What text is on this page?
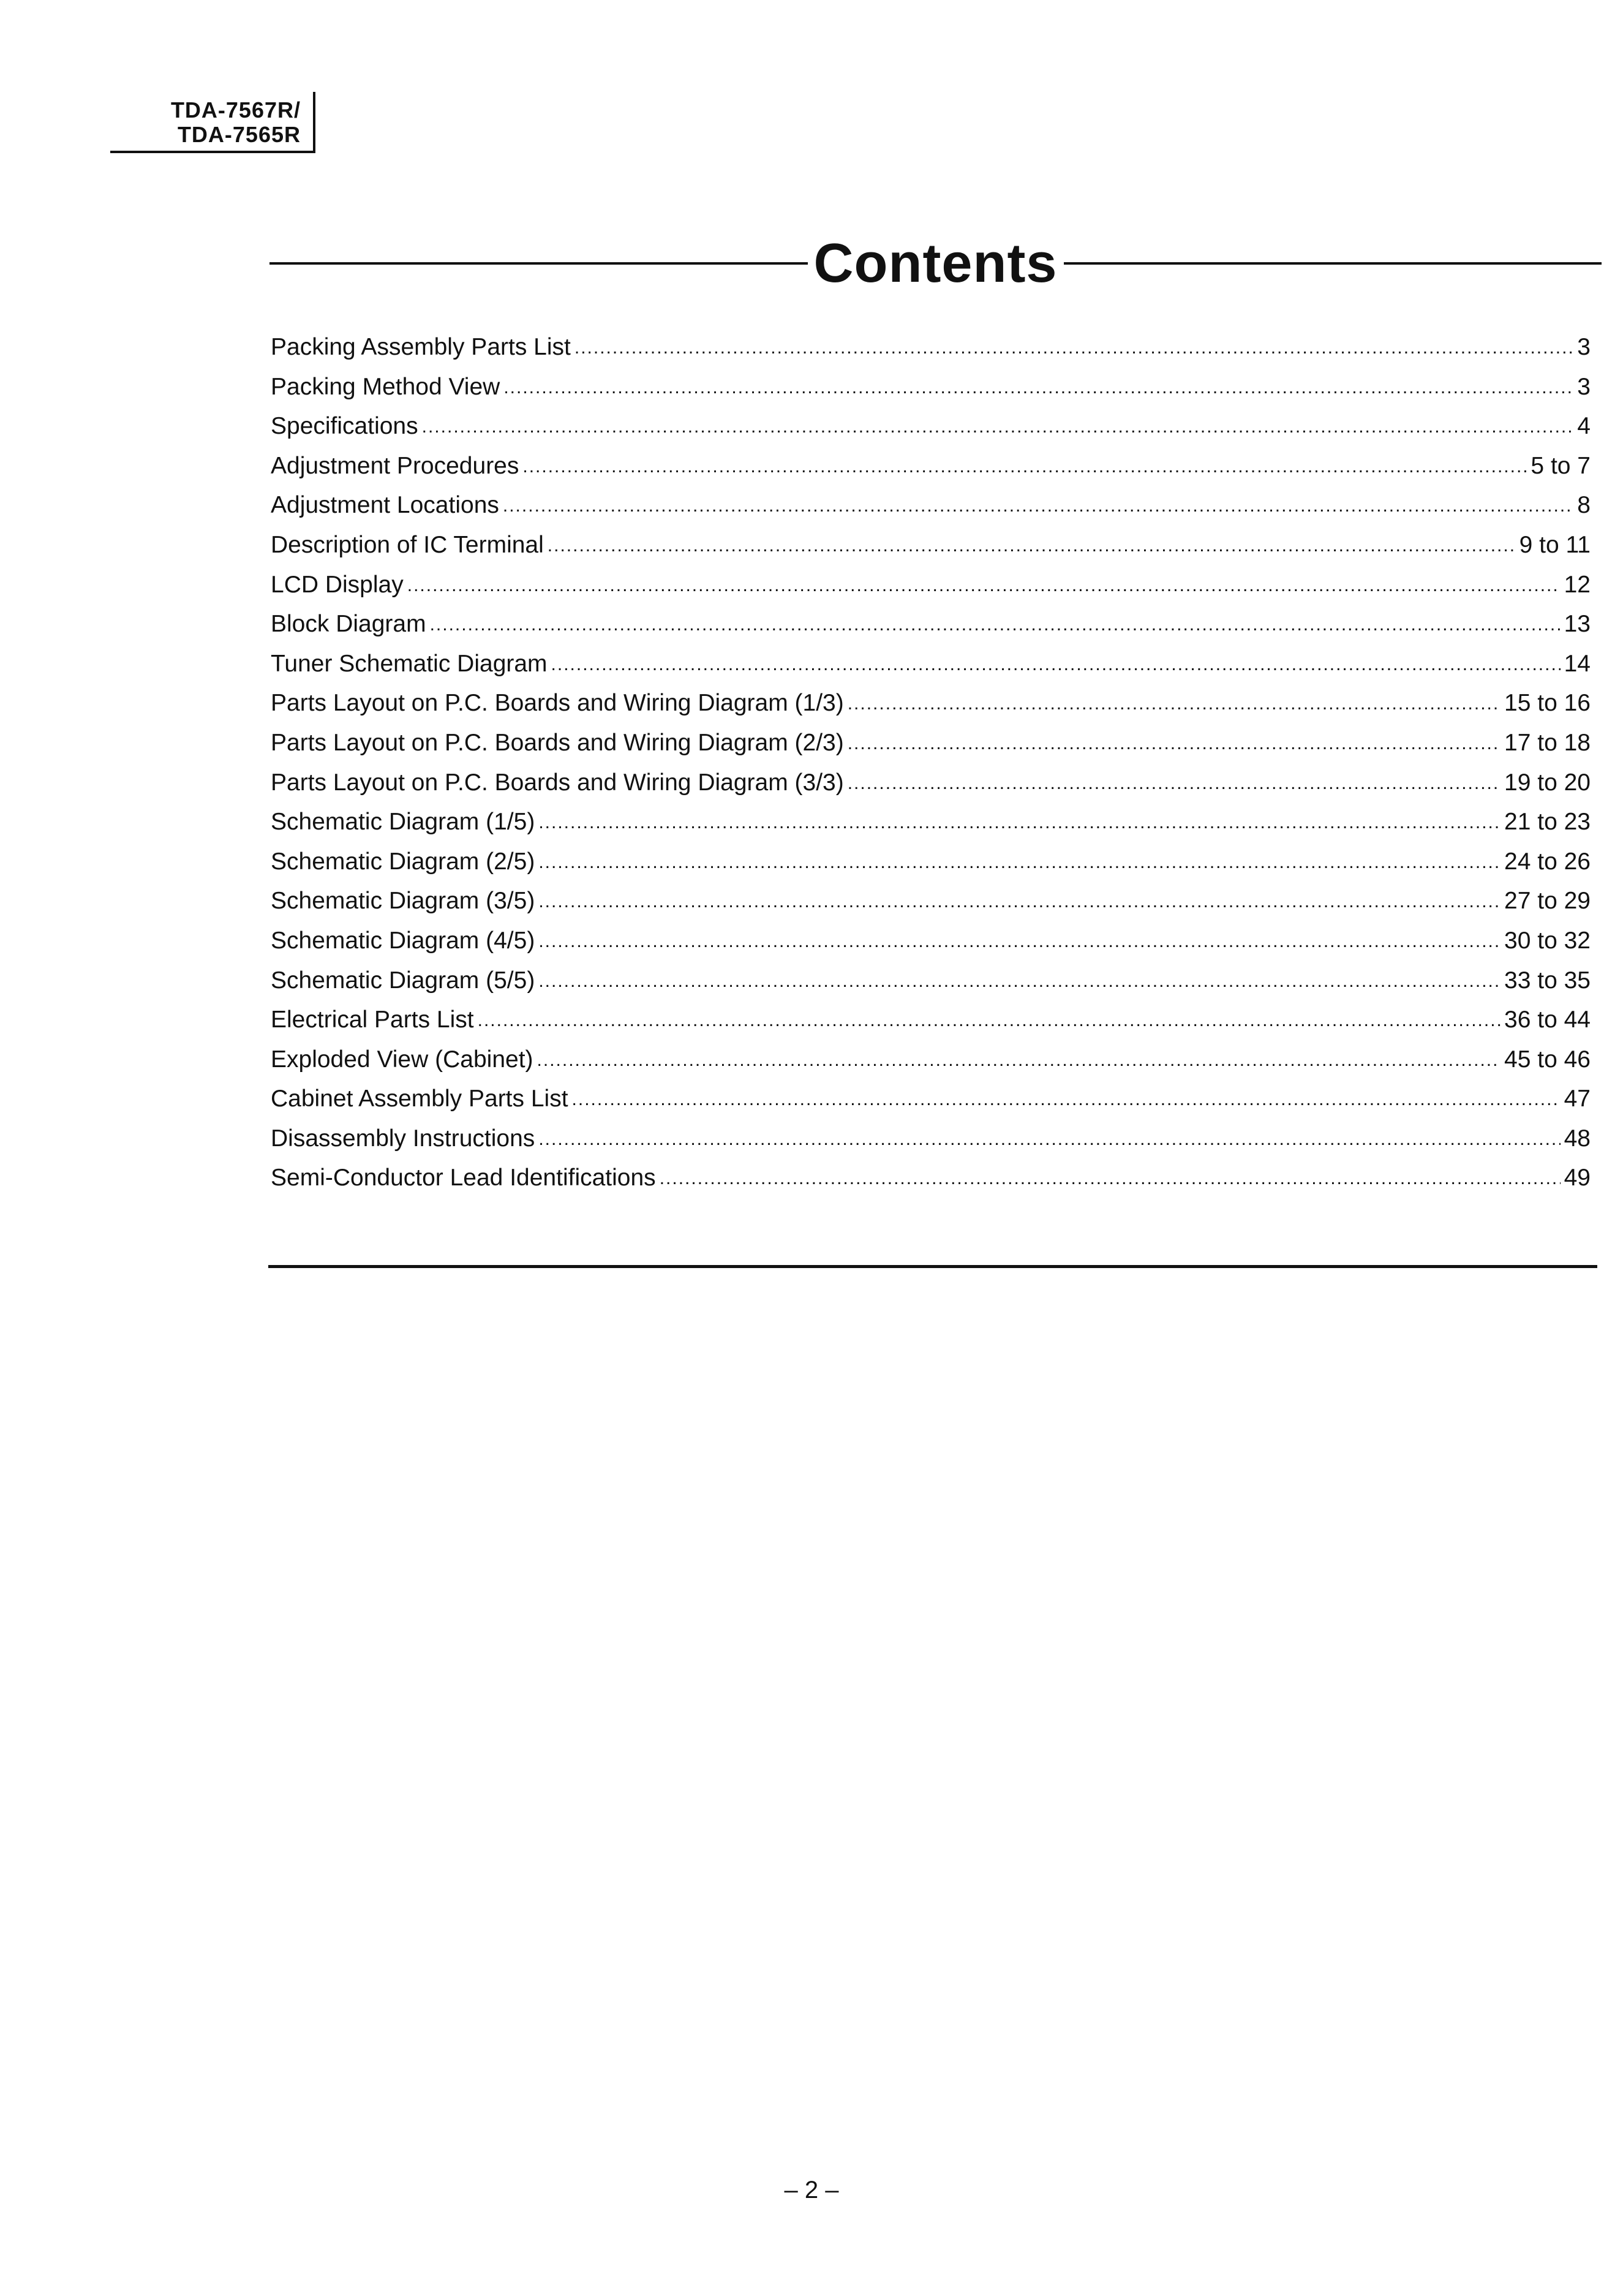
TDA-7567R/
TDA-7565R
Contents
Packing Assembly Parts List .....	3
Packing Method View .....	3
Specifications .....	4
Adjustment Procedures .....	5 to 7
Adjustment Locations .....	8
Description of IC Terminal .....	9 to 11
LCD Display .....	12
Block Diagram .....	13
Tuner Schematic Diagram .....	14
Parts Layout on P.C. Boards and Wiring Diagram (1/3) .....	15 to 16
Parts Layout on P.C. Boards and Wiring Diagram (2/3) .....	17 to 18
Parts Layout on P.C. Boards and Wiring Diagram (3/3) .....	19 to 20
Schematic Diagram (1/5) .....	21 to 23
Schematic Diagram (2/5) .....	24 to 26
Schematic Diagram (3/5) .....	27 to 29
Schematic Diagram (4/5) .....	30 to 32
Schematic Diagram (5/5) .....	33 to 35
Electrical Parts List .....	36 to 44
Exploded View (Cabinet) .....	45 to 46
Cabinet Assembly Parts List .....	47
Disassembly Instructions .....	48
Semi-Conductor Lead Identifications .....	49
– 2 –
